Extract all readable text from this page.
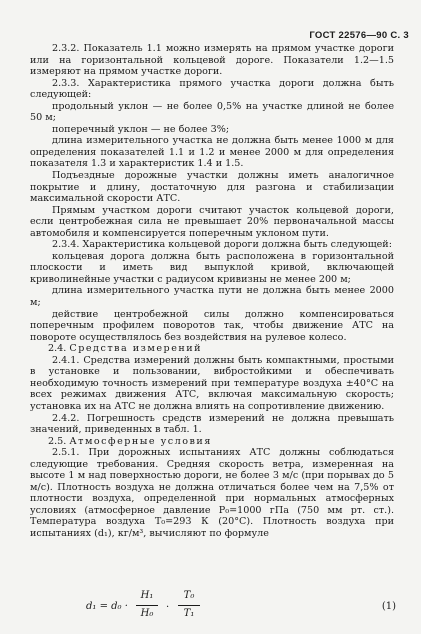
ГОСТ 22576—90 С. 3

2.3.2. Показатель 1.1 можно измерять на прямом участке дороги или на горизонтальной кольцевой дороге. Показатели 1.2—1.5 измеряют на прямом участке дороги.

2.3.3. Характеристика прямого участка дороги должна быть следующей:

продольный уклон — не более 0,5% на участке длиной не более 50 м;

поперечный уклон — не более 3%;

длина измерительного участка не должна быть менее 1000 м для определения показателей 1.1 и 1.2 и менее 2000 м для определения показателя 1.3 и характеристик 1.4 и 1.5.

Подъездные дорожные участки должны иметь аналогичное покрытие и длину, достаточную для разгона и стабилизации максимальной скорости АТС.

Прямым участком дороги считают участок кольцевой дороги, если центробежная сила не превышает 20% первоначальной массы автомобиля и компенсируется поперечным уклоном пути.

2.3.4. Характеристика кольцевой дороги должна быть следующей:

кольцевая дорога должна быть расположена в горизонтальной плоскости и иметь вид выпуклой кривой, включающей криволинейные участки с радиусом кривизны не менее 200 м;

длина измерительного участка пути не должна быть менее 2000 м;

действие центробежной силы должно компенсироваться поперечным профилем поворотов так, чтобы движение АТС на повороте осуществлялось без воздействия на рулевое колесо.

2.4. Средства измерений

2.4.1. Средства измерений должны быть компактными, простыми в установке и пользовании, вибростойкими и обеспечивать необходимую точность измерений при температуре воздуха ±40°С на всех режимах движения АТС, включая максимальную скорость; установка их на АТС не должна влиять на сопротивление движению.

2.4.2. Погрешность средств измерений не должна превышать значений, приведенных в табл. 1.

2.5. Атмосферные условия

2.5.1. При дорожных испытаниях АТС должны соблюдаться следующие требования. Средняя скорость ветра, измеренная на высоте 1 м над поверхностью дороги, не более 3 м/с (при порывах до 5 м/с). Плотность воздуха не должна отличаться более чем на 7,5% от плотности воздуха, определенной при нормальных атмосферных условиях (атмосферное давление P₀=1000 гПа (750 мм рт. ст.). Температура воздуха T₀=293 К (20°С). Плотность воздуха при испытаниях (d₁), кг/м³, вычисляют по формуле

d₁ = d₀ ·
H₁
H₀
·
T₀
T₁
(1)
